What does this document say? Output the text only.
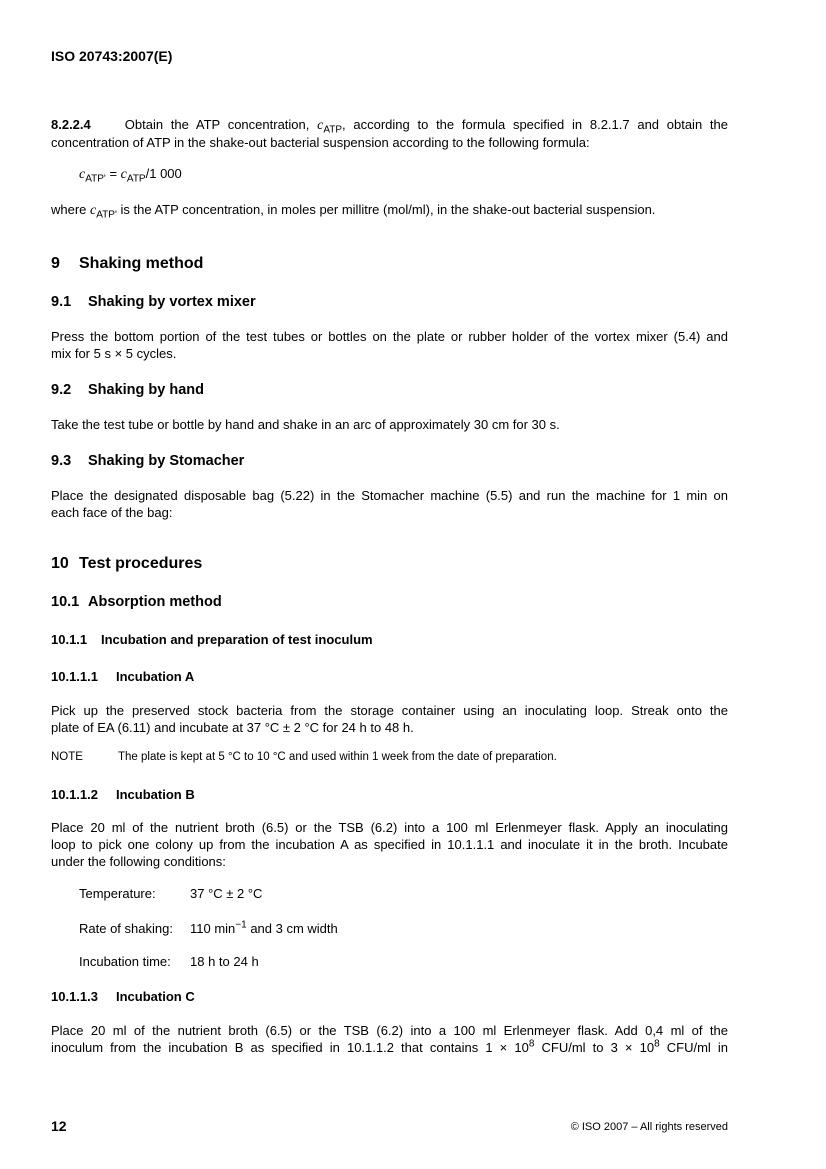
ISO 20743:2007(E)
8.2.2.4	Obtain the ATP concentration, $c_{ATP}$, according to the formula specified in 8.2.1.7 and obtain the
concentration of ATP in the shake-out bacterial suspension according to the following formula:
$c_{ATP'} = c_{ATP}/1$ 000
where $c_{ATP'}$ is the ATP concentration, in moles per millitre (mol/ml), in the shake-out bacterial suspension.
9 Shaking method
9.1 Shaking by vortex mixer
Press the bottom portion of the test tubes or bottles on the plate or rubber holder of the vortex mixer (5.4) and
mix for 5 s × 5 cycles.
9.2 Shaking by hand
Take the test tube or bottle by hand and shake in an arc of approximately 30 cm for 30 s.
9.3 Shaking by Stomacher
Place the designated disposable bag (5.22) in the Stomacher machine (5.5) and run the machine for 1 min on
each face of the bag:
10 Test procedures
10.1 Absorption method
10.1.1 Incubation and preparation of test inoculum
10.1.1.1 Incubation A
Pick up the preserved stock bacteria from the storage container using an inoculating loop. Streak onto the
plate of EA (6.11) and incubate at 37 °C ± 2 °C for 24 h to 48 h.
NOTE	The plate is kept at 5 °C to 10 °C and used within 1 week from the date of preparation.
10.1.1.2 Incubation B
Place 20 ml of the nutrient broth (6.5) or the TSB (6.2) into a 100 ml Erlenmeyer flask. Apply an inoculating
loop to pick one colony up from the incubation A as specified in 10.1.1.1 and inoculate it in the broth. Incubate
under the following conditions:
Temperature:	37 °C ± 2 °C
Rate of shaking: 110 $\min^{-1}$ and 3 cm width
Incubation time: 18 h to 24 h
10.1.1.3 Incubation C
Place 20 ml of the nutrient broth (6.5) or the TSB (6.2) into a 100 ml Erlenmeyer flask. Add 0,4 ml of the
inoculum from the incubation B as specified in 10.1.1.2 that contains $1 \times 10^8$ CFU/ml to $3 \times 10^8$ CFU/ml in
12	© ISO 2007 – All rights reserved
